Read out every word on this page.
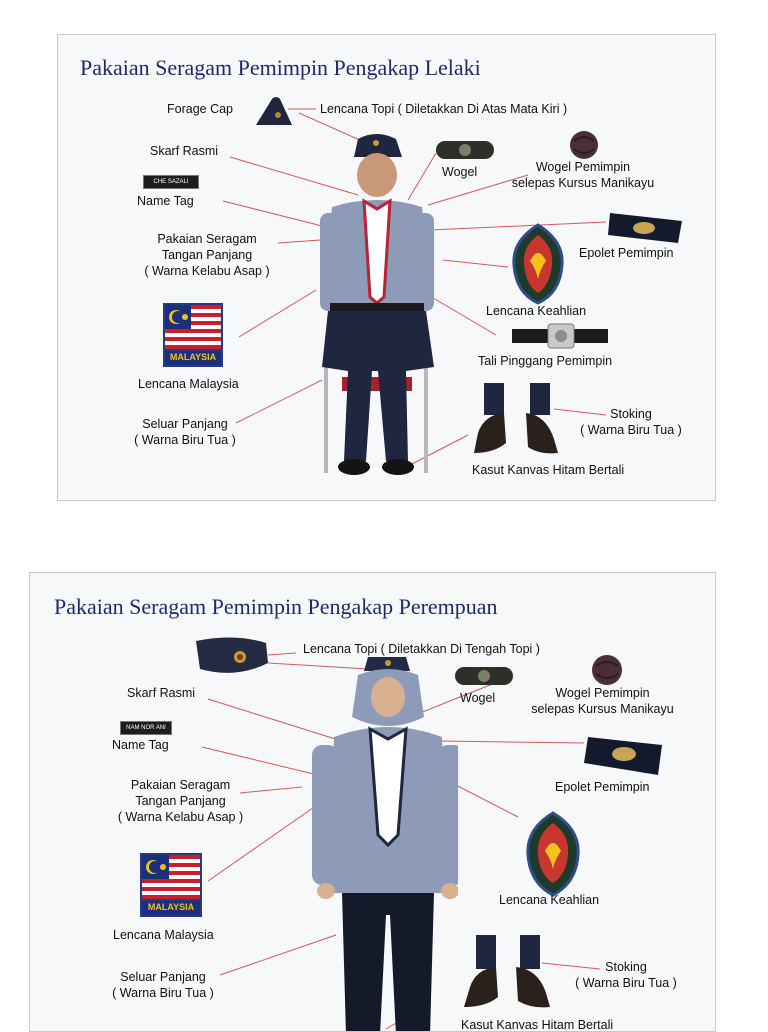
Pakaian Seragam Pemimpin Pengakap Lelaki
CHE SAZALI
MALAYSIA
Forage Cap	Lencana Topi ( Diletakkan Di Atas Mata Kiri )
Skarf Rasmi
Wogel	Wogel Pemimpin
selepas Kursus Manikayu
Name Tag
Pakaian Seragam
Tangan Panjang
( Warna Kelabu Asap )
Epolet Pemimpin
Lencana Keahlian
Tali Pinggang Pemimpin
Lencana Malaysia
Seluar Panjang
( Warna Biru Tua )
Stoking
( Warna Biru Tua )
Kasut Kanvas Hitam Bertali
Pakaian Seragam Pemimpin Pengakap Perempuan
NAM NOR ANI
MALAYSIA
Lencana Topi ( Diletakkan Di Tengah Topi )
Skarf Rasmi	Wogel	Wogel Pemimpin
selepas Kursus Manikayu
Name Tag
Pakaian Seragam
Tangan Panjang
( Warna Kelabu Asap )
Epolet Pemimpin
Lencana Keahlian
Lencana Malaysia
Seluar Panjang
( Warna Biru Tua )
Stoking
( Warna Biru Tua )
Kasut Kanvas Hitam Bertali
